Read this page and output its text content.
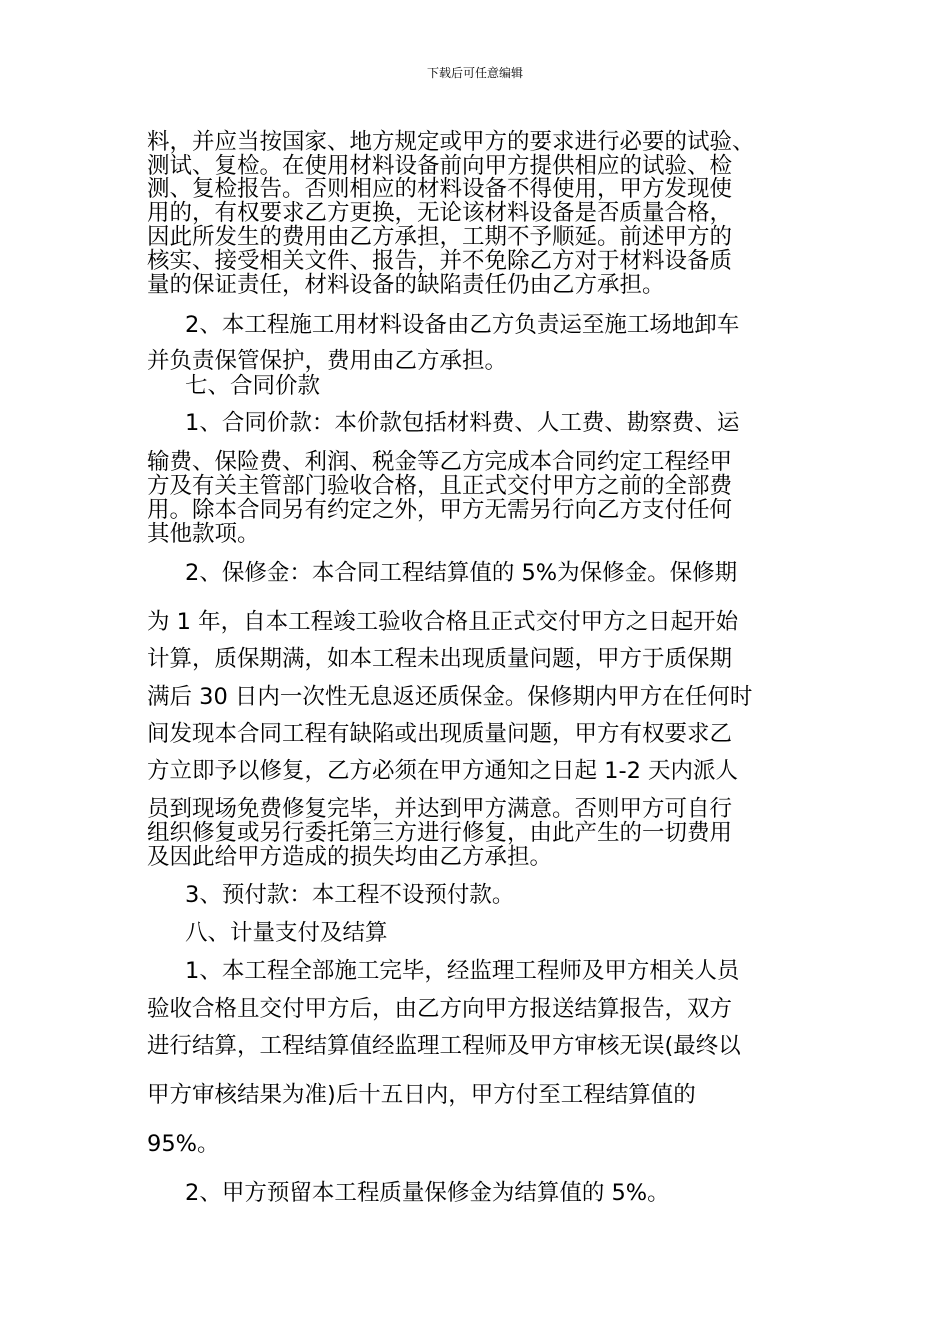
下载后可任意编辑
料，并应当按国家、地方规定或甲方的要求进行必要的试验、
测试、复检。在使用材料设备前向甲方提供相应的试验、检
测、复检报告。否则相应的材料设备不得使用，甲方发现使
用的，有权要求乙方更换，无论该材料设备是否质量合格，
因此所发生的费用由乙方承担，工期不予顺延。前述甲方的
核实、接受相关文件、报告，并不免除乙方对于材料设备质
量的保证责任，材料设备的缺陷责任仍由乙方承担。
2、本工程施工用材料设备由乙方负责运至施工场地卸车
并负责保管保护，费用由乙方承担。
七、合同价款
1、合同价款：本价款包括材料费、人工费、勘察费、运
输费、保险费、利润、税金等乙方完成本合同约定工程经甲
方及有关主管部门验收合格，且正式交付甲方之前的全部费
用。除本合同另有约定之外，甲方无需另行向乙方支付任何
其他款项。
2、保修金：本合同工程结算值的 5%为保修金。保修期
为 1 年，自本工程竣工验收合格且正式交付甲方之日起开始
计算，质保期满，如本工程未出现质量问题，甲方于质保期
满后 30 日内一次性无息返还质保金。保修期内甲方在任何时
间发现本合同工程有缺陷或出现质量问题，甲方有权要求乙
方立即予以修复，乙方必须在甲方通知之日起 1-2 天内派人
员到现场免费修复完毕，并达到甲方满意。否则甲方可自行
组织修复或另行委托第三方进行修复，由此产生的一切费用
及因此给甲方造成的损失均由乙方承担。
3、预付款：本工程不设预付款。
八、计量支付及结算
1、本工程全部施工完毕，经监理工程师及甲方相关人员
验收合格且交付甲方后，由乙方向甲方报送结算报告，双方
进行结算，工程结算值经监理工程师及甲方审核无误(最终以
甲方审核结果为准)后十五日内，甲方付至工程结算值的
95%。
2、甲方预留本工程质量保修金为结算值的 5%。
